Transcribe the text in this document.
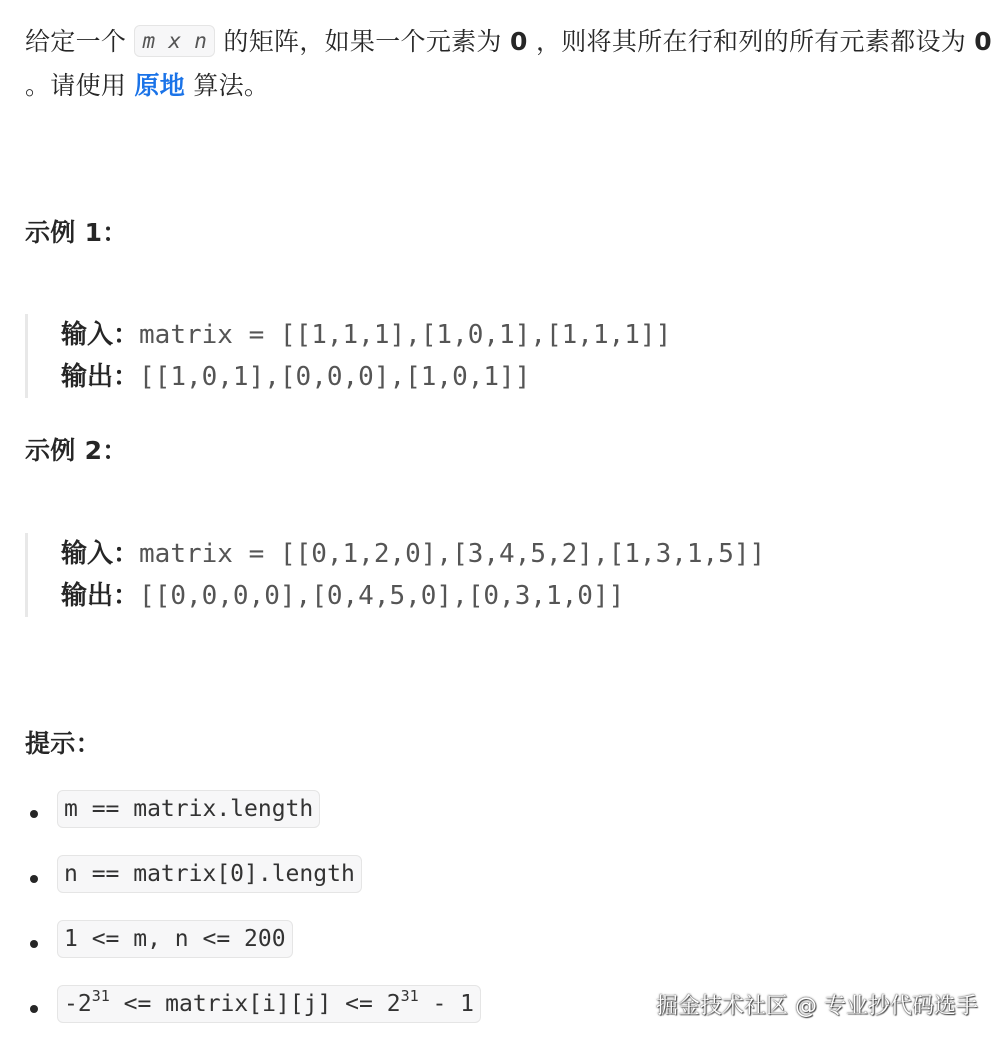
给定一个 m x n 的矩阵，如果一个元素为 0 ，则将其所在行和列的所有元素都设为 0 。请使用 原地 算法。
示例 1：
输入：matrix = [[1,1,1],[1,0,1],[1,1,1]]
输出：[[1,0,1],[0,0,0],[1,0,1]]
示例 2：
输入：matrix = [[0,1,2,0],[3,4,5,2],[1,3,1,5]]
输出：[[0,0,0,0],[0,4,5,0],[0,3,1,0]]
提示：
m == matrix.length
n == matrix[0].length
1 <= m, n <= 200
$-2^{31}$ <= matrix[i][j] <= $2^{31} - 1$	掘金技术社区 @ 专业抄代码选手
